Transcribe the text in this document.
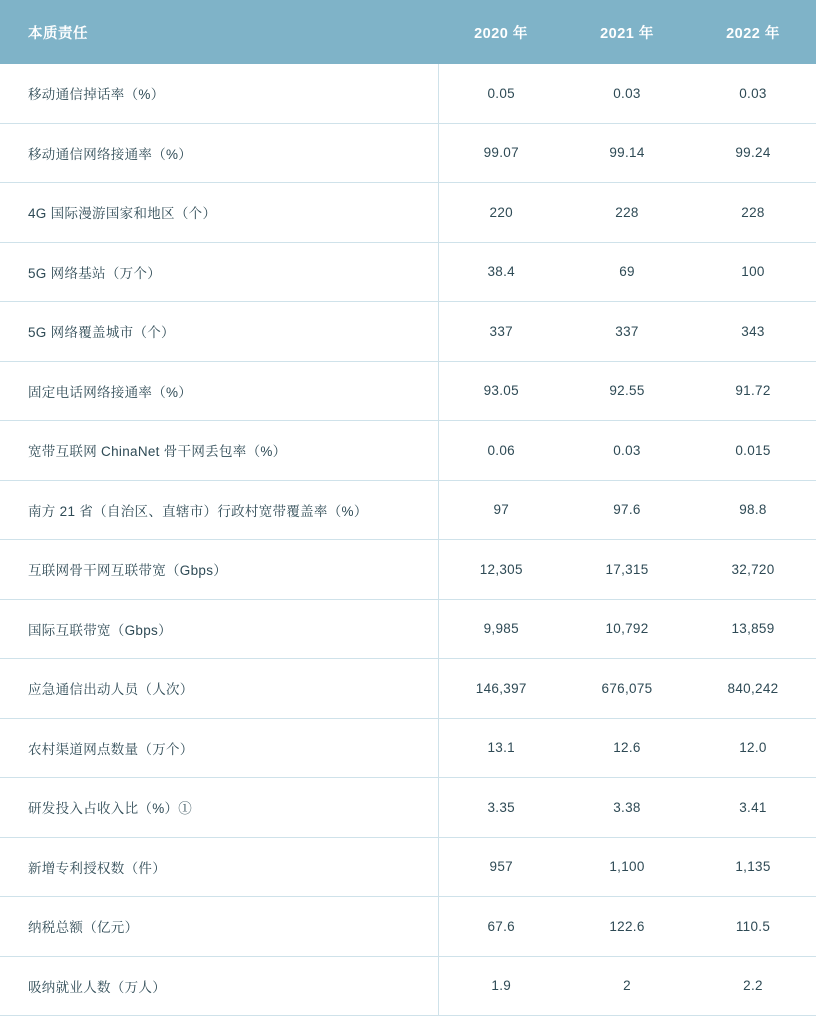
本质责任	2020 年	2021 年	2022 年
移动通信掉话率（%）	0.05	0.03	0.03
移动通信网络接通率（%）	99.07	99.14	99.24
4G 国际漫游国家和地区（个）	220	228	228
5G 网络基站（万个）	38.4	69	100
5G 网络覆盖城市（个）	337	337	343
固定电话网络接通率（%）	93.05	92.55	91.72
宽带互联网 ChinaNet 骨干网丢包率（%）	0.06	0.03	0.015
南方 21 省（自治区、直辖市）行政村宽带覆盖率（%）	97	97.6	98.8
互联网骨干网互联带宽（Gbps）	12,305	17,315	32,720
国际互联带宽（Gbps）	9,985	10,792	13,859
应急通信出动人员（人次）	146,397	676,075	840,242
农村渠道网点数量（万个）	13.1	12.6	12.0
研发投入占收入比（%）①	3.35	3.38	3.41
新增专利授权数（件）	957	1,100	1,135
纳税总额（亿元）	67.6	122.6	110.5
吸纳就业人数（万人）	1.9	2	2.2
